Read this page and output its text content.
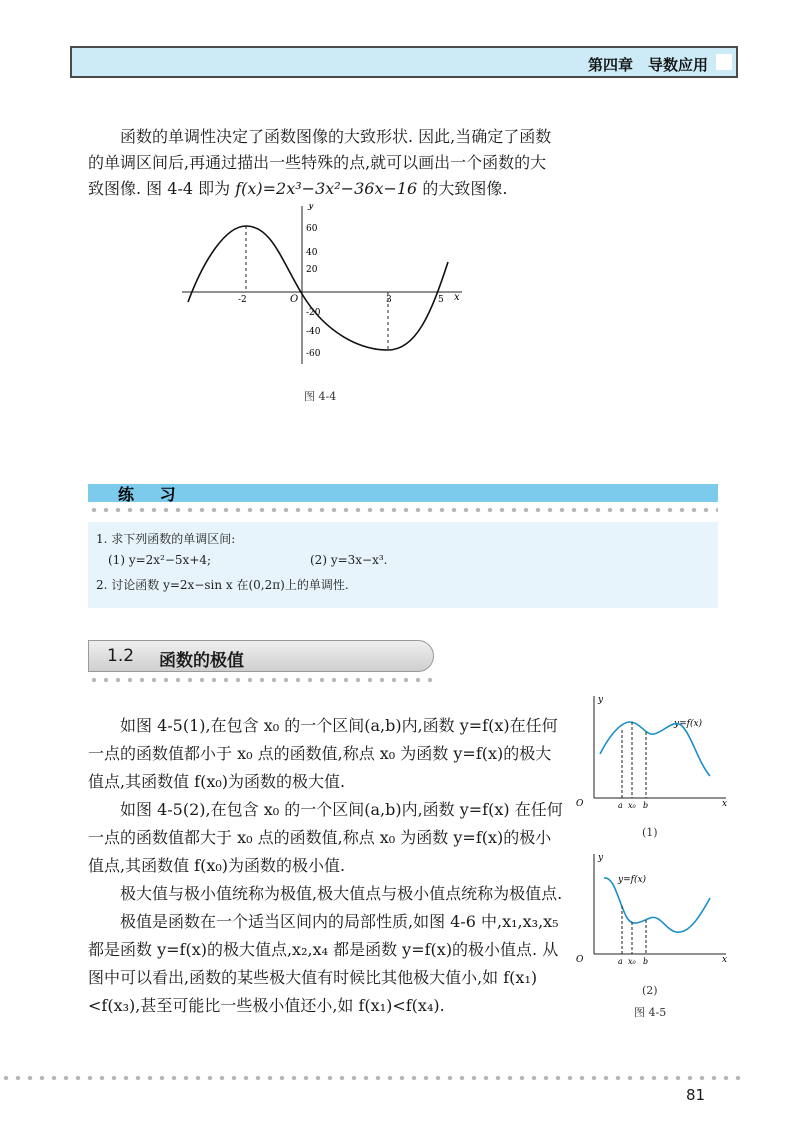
第四章　导数应用

函数的单调性决定了函数图像的大致形状. 因此,当确定了函数的单调区间后,再通过描出一些特殊的点,就可以画出一个函数的大致图像. 图 4-4 即为 f(x)=2x³−3x²−36x−16 的大致图像.

y
x
O
60
40
20
-20
-40
-60
-2	3	5
图 4-4
练 习
1. 求下列函数的单调区间:
(1) y=2x²−5x+4;	(2) y=3x−x³.
2. 讨论函数 y=2x−sin x 在(0,2π)上的单调性.
1.2 函数的极值

如图 4-5(1),在包含 x₀ 的一个区间(a,b)内,函数 y=f(x)在任何一点的函数值都小于 x₀ 点的函数值,称点 x₀ 为函数 y=f(x)的极大值点,其函数值 f(x₀)为函数的极大值.

如图 4-5(2),在包含 x₀ 的一个区间(a,b)内,函数 y=f(x) 在任何一点的函数值都大于 x₀ 点的函数值,称点 x₀ 为函数 y=f(x)的极小值点,其函数值 f(x₀)为函数的极小值.

极大值与极小值统称为极值,极大值点与极小值点统称为极值点.

极值是函数在一个适当区间内的局部性质,如图 4-6 中,x₁,x₃,x₅ 都是函数 y=f(x)的极大值点,x₂,x₄ 都是函数 y=f(x)的极小值点. 从图中可以看出,函数的某些极大值有时候比其他极大值小,如 f(x₁)<f(x₃),甚至可能比一些极小值还小,如 f(x₁)<f(x₄).

y
x
O
y=f(x)
a x₀ b
(1)
y
x
O
y=f(x)
a x₀ b
(2)
图 4-5
81
